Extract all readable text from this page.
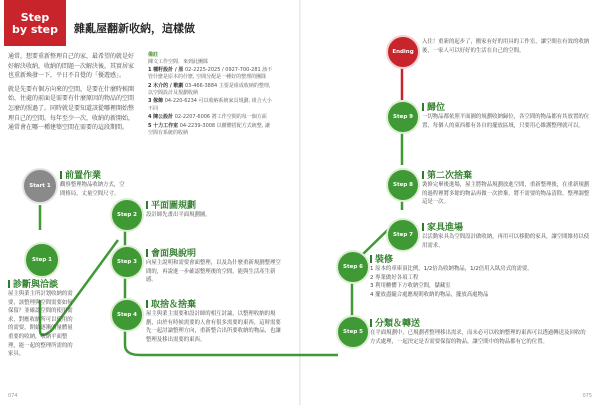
Step
by step	雜亂屋翻新收納，這樣做

通常，想要重新整理自己的家，最希望的就是好好解決收納，收納的問題一次解決後，其實居家也重新煥發一下，平日不自覺的「優遊感」。

就是先要有個方向來的空間，是要在什麼時候開始，住處的前面是需要有什麼原因的物品的空間怎麼的照過了。同時就是要知道該從哪裡開始整理自己的空間。每年至少一次，收納的新開始，通常會在哪一種建築空間在需要的這段期間。

備註
陳文工作空間．來到此團隊
1 種籽設計 / 原 02-2225-2025 / 0927-700-281 該不管什麼是原本的什麼, 空間分配是一種好的整理的團隊
2 木介的 / 歌劇 03-466-3884 主要是組成收納的整理，以空間設計及規劃收納
3 傢飾 04-220-6234 可以收納系統家具規劃, 組合大小不同
4 陳公設計 02-2207-6006 將工作空間的每一個方面
5 十力工作室 04-2239-3008 以櫃體搭配方式統整, 讓空間有系統的收納
Start 1
Step 1
Step 2
Step 3
Step 4
Step 5
Step 6
Step 7
Step 8
Step 9
Ending
前置作業
觀察整理物品收納方式，空間格局，丈量空間尺寸。
診斷與洽談
屋主與業主所計划收納的需要，該整理與空間需要如何保留？並確認空間的使用需求，對應收納所可以使用的的需要，開始逐漸的量體量重要的收納，收納平面整理，能一起的整理所需的的家具。
平面圖規劃
設計師先畫出平面規劃圖。
會面與說明
向屋主說明和需要會面整理，以及為什麼重新規劃整理空間的，再說進一步確認整理後的空間，能與生活產生新感。
取捨＆捨棄
屋主與業主需要和設計師的相互討論，以整理收納的規劃，由於有時候需要的人會有很多需要的東西，這時需要先一起討論整理方向，重新整合出所要收納的物品，也讓整理及移出需要的東西。
入住！重新的起步了，搬家有好的用具的工作室，讓空間在有效的收納後，一家人可以好好的生活在自己的空間。
歸位
一切物品都依照平面圖的規劃收納歸位，各空間的物品都有其放置的位置，每個人的東西都有各自的擺放區域，只要用心維護整理就可以。
第二次捨棄
裝修完畢後進場，屋主將物品規劃放進空間，重新整理後，在重新規劃的過程裡將多餘的物品再做一次捨棄，將不需要的物品清除，整理調整這是一次。
家具進場
以活動家具為空間設計做收納，再用可以移動的家具，讓空間維持以使用需求。
裝修
1 原本的車庫頂比例，1/2倍為收納物品，1/2倍用入臥房式的需要。
2 專業做好各項工程
3 利用櫃體下方收納空間，儲藏室
4 擺放盡隨合處應規則收納的物品，擺放高處物品
分類＆轉送
在平面規劃中，已規劃者整理移出需求，而未必可以收納整理的東西可以透過轉送及回收的方式處理，一起決定是否需要保留的物品，讓空間中的物品都有它的位置。
074	075
